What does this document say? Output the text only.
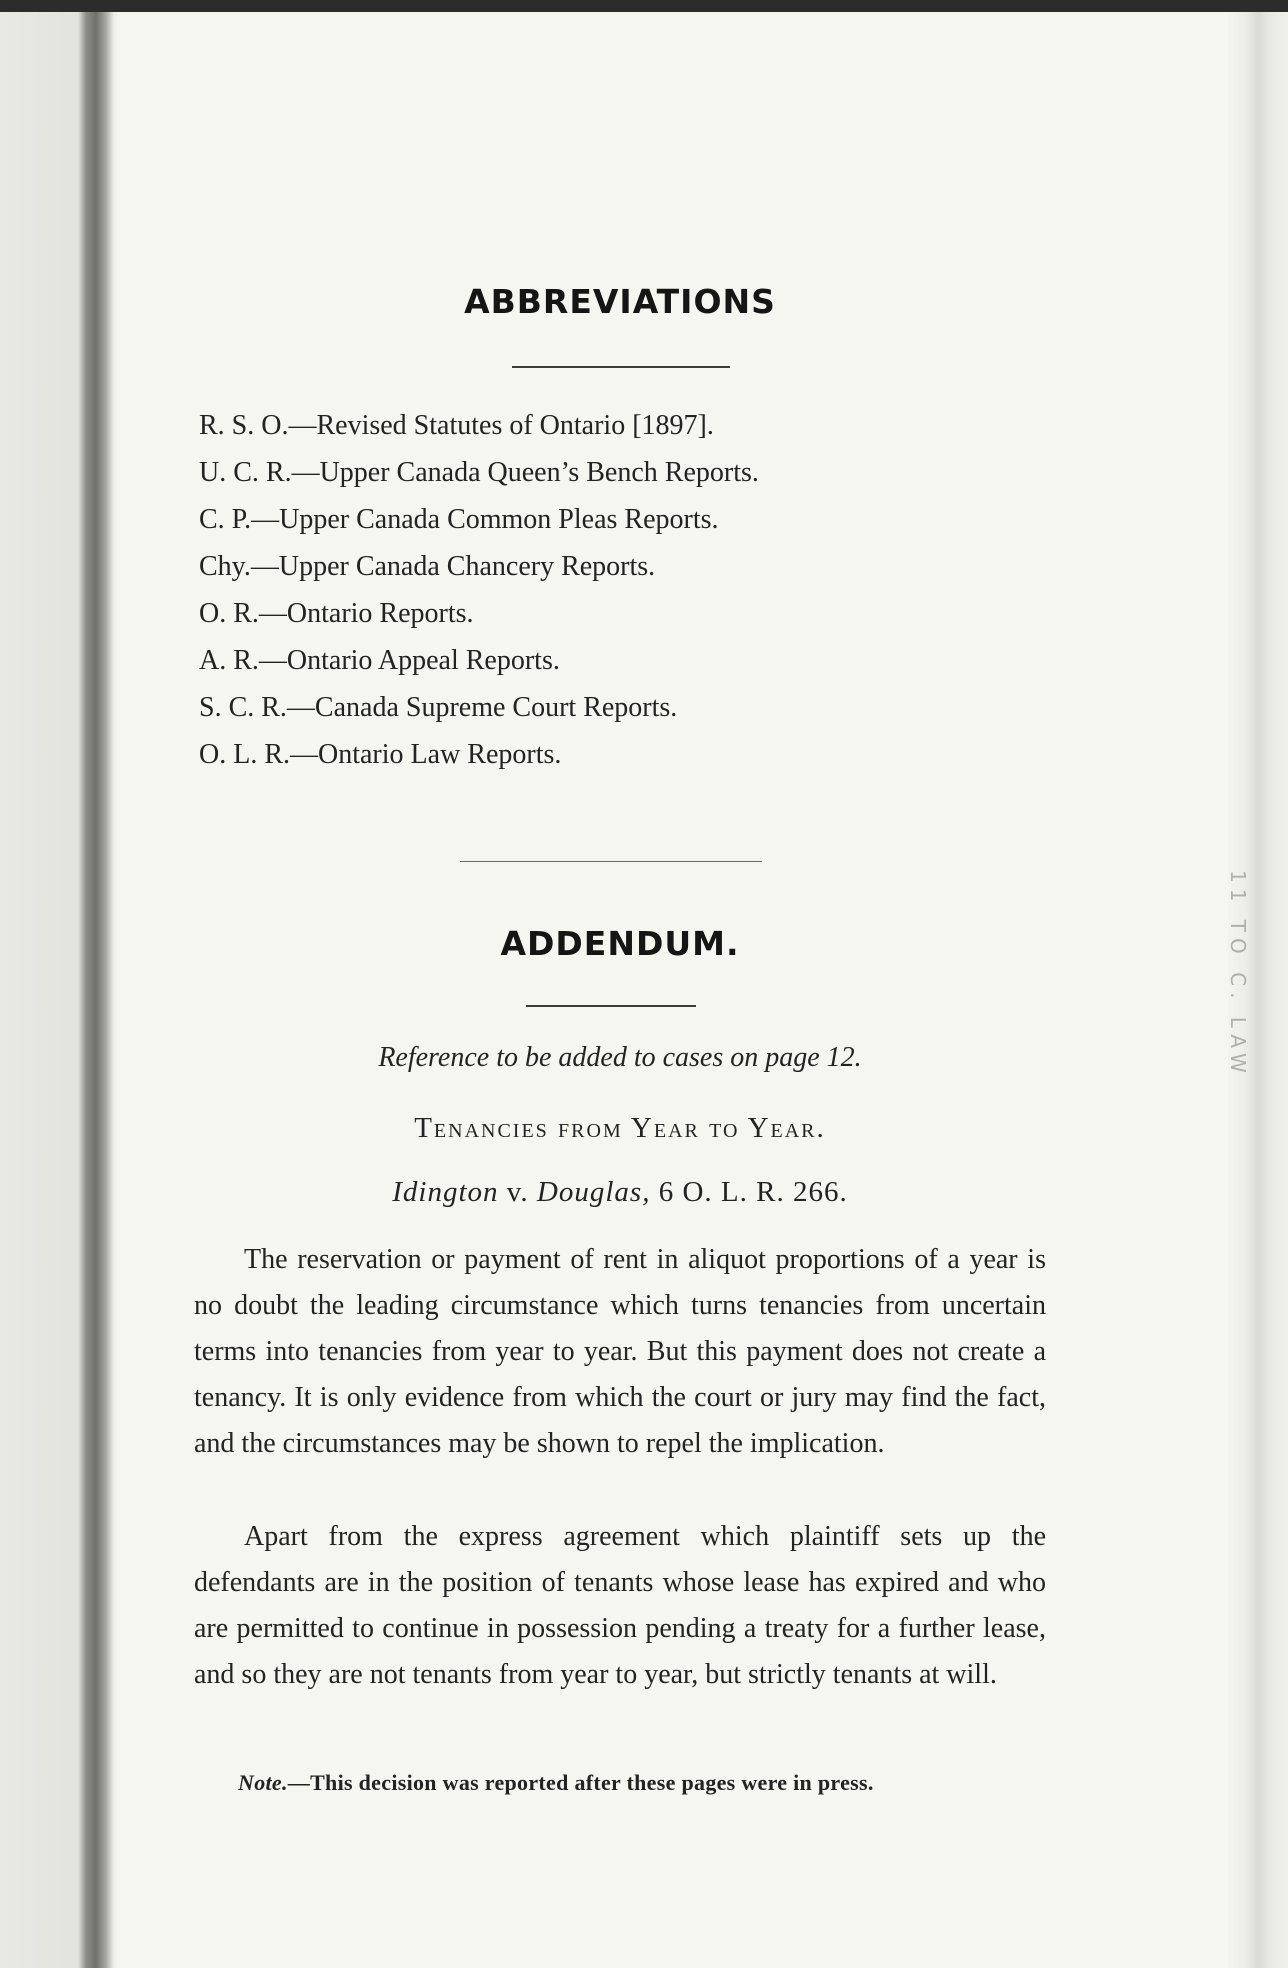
11 TO C. LAW
ABBREVIATIONS
R. S. O.—Revised Statutes of Ontario [1897].
U. C. R.—Upper Canada Queen’s Bench Reports.
C. P.—Upper Canada Common Pleas Reports.
Chy.—Upper Canada Chancery Reports.
O. R.—Ontario Reports.
A. R.—Ontario Appeal Reports.
S. C. R.—Canada Supreme Court Reports.
O. L. R.—Ontario Law Reports.
ADDENDUM.
Reference to be added to cases on page 12.
Tenancies from Year to Year.
Idington v. Douglas, 6 O. L. R. 266.

The reservation or payment of rent in aliquot proportions of a year is no doubt the leading circumstance which turns tenancies from uncertain terms into tenancies from year to year. But this payment does not create a tenancy. It is only evidence from which the court or jury may find the fact, and the circumstances may be shown to repel the implication.

Apart from the express agreement which plaintiff sets up the defendants are in the position of tenants whose lease has expired and who are permitted to continue in possession pending a treaty for a further lease, and so they are not tenants from year to year, but strictly tenants at will.

Note.—This decision was reported after these pages were in press.
